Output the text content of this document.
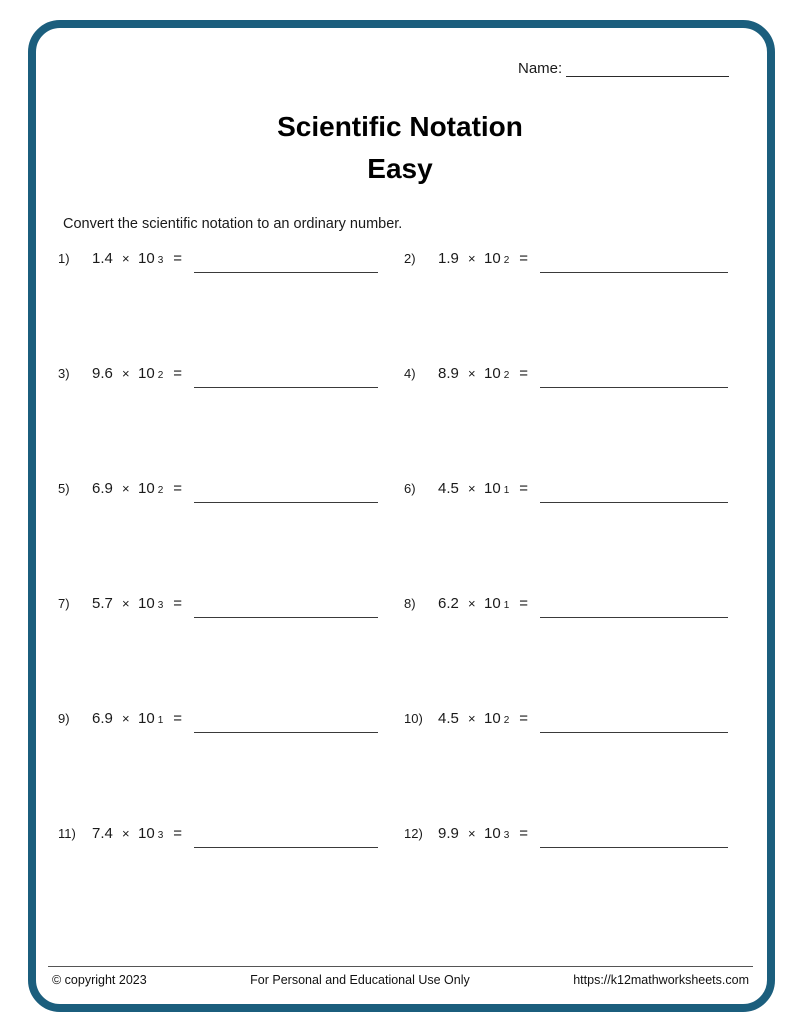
Name:
Scientific Notation
Easy
Convert the scientific notation to an ordinary number.
1)	1.4 × 10 3 =	2)	1.9 × 10 2 =
3)	9.6 × 10 2 =	4)	8.9 × 10 2 =
5)	6.9 × 10 2 =	6)	4.5 × 10 1 =
7)	5.7 × 10 3 =	8)	6.2 × 10 1 =
9)	6.9 × 10 1 =	10)	4.5 × 10 2 =
11)	7.4 × 10 3 =	12)	9.9 × 10 3 =
© copyright 2023	For Personal and Educational Use Only	https://k12mathworksheets.com
